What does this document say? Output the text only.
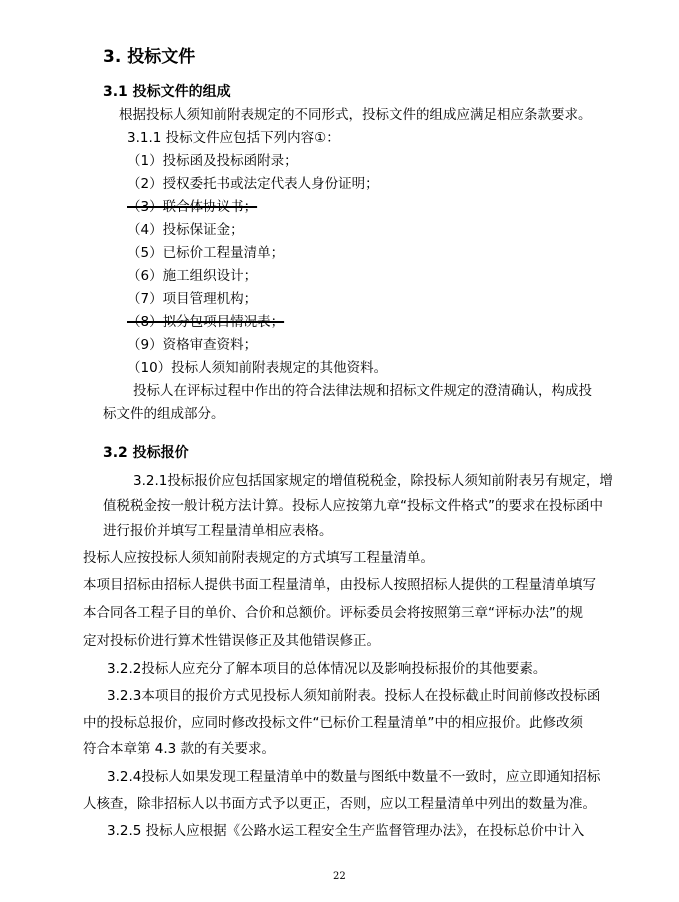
3. 投标文件
3.1 投标文件的组成
根据投标人须知前附表规定的不同形式，投标文件的组成应满足相应条款要求。
3.1.1 投标文件应包括下列内容①：
（1）投标函及投标函附录；
（2）授权委托书或法定代表人身份证明；
（3）联合体协议书；
（4）投标保证金；
（5）已标价工程量清单；
（6）施工组织设计；
（7）项目管理机构；
（8）拟分包项目情况表；
（9）资格审查资料；
（10）投标人须知前附表规定的其他资料。
投标人在评标过程中作出的符合法律法规和招标文件规定的澄清确认，构成投
标文件的组成部分。
3.2 投标报价
3.2.1投标报价应包括国家规定的增值税税金，除投标人须知前附表另有规定，增
值税税金按一般计税方法计算。投标人应按第九章“投标文件格式”的要求在投标函中
进行报价并填写工程量清单相应表格。
投标人应按投标人须知前附表规定的方式填写工程量清单。
本项目招标由招标人提供书面工程量清单，由投标人按照招标人提供的工程量清单填写
本合同各工程子目的单价、合价和总额价。评标委员会将按照第三章“评标办法”的规
定对投标价进行算术性错误修正及其他错误修正。
3.2.2投标人应充分了解本项目的总体情况以及影响投标报价的其他要素。
3.2.3本项目的报价方式见投标人须知前附表。投标人在投标截止时间前修改投标函
中的投标总报价，应同时修改投标文件“已标价工程量清单”中的相应报价。此修改须
符合本章第 4.3 款的有关要求。
3.2.4投标人如果发现工程量清单中的数量与图纸中数量不一致时，应立即通知招标
人核查，除非招标人以书面方式予以更正，否则，应以工程量清单中列出的数量为准。
3.2.5 投标人应根据《公路水运工程安全生产监督管理办法》，在投标总价中计入
22
